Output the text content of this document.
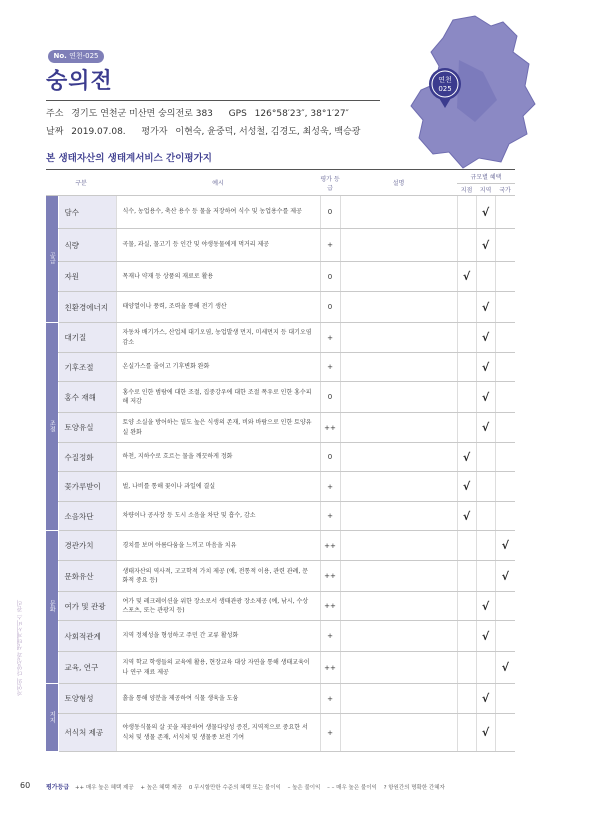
No. 연천-025
숭의전
주소 경기도 연천군 미산면 숭의전로 383 GPS 126°58′23″, 38°1′27″
날짜 2019.07.08. 평가자 이현숙, 윤중덕, 서성철, 김경도, 최성욱, 백승광
연천
025
본 생태자산의 생태계서비스 간이평가지
구분		예시	평가 등급	설명	규모별 혜택		
					지점	지역	국가
공급	담수	식수, 농업용수, 축산 용수 등 물을 저장하여 식수 및 농업용수를 제공	0			√	
	식량	곡물, 과실, 물고기 등 인간 및 야생동물에게 먹거리 제공	+			√	
	자원	목재나 약재 등 상품의 재료로 활용	0		√		
	친환경에너지	태양열이나 풍력, 조력을 통해 전기 생산	0			√	
조절	대기질	자동차 배기가스, 산업체 대기오염, 농업발생 먼지, 미세먼지 등 대기오염 감소	+			√	
	기후조절	온실가스를 줄이고 기후변화 완화	+			√	
	홍수 재해	홍수로 인한 범람에 대한 조절, 집중강우에 대한 조절 폭우로 인한 홍수피해 저감	0			√	
	토양유실	토양 소실을 방어하는 밀도 높은 식생의 존재, 비와 바람으로 인한 토양유실 완화	++			√	
	수질정화	하천, 지하수로 흐르는 물을 깨끗하게 정화	0		√		
	꽃가루받이	벌, 나비를 통해 꽃이나 과일에 결실	+		√		
	소음차단	차량이나 공사장 등 도시 소음을 차단 및 흡수, 감소	+		√		
문화	경관가치	경치를 보며 아름다움을 느끼고 마음을 치유	++				√
	문화유산	생태자산의 역사적, 고고학적 가치 제공 (예, 전통적 이용, 관련 관례, 문화적 중요 등)	++				√
	여가 및 관광	여가 및 레크레이션을 위한 장소로서 생태관광 장소제공 (예, 낚시, 수상스포츠, 또는 관광지 등)	++			√	
	사회적관계	지역 정체성을 형성하고 주민 간 교류 활성화	+			√	
	교육, 연구	지역 학교 학생들의 교육에 활용, 현장교육 대상 자연을 통해 생태교육이나 연구 재료 제공	++				√
지지	토양형성	흙을 통해 양분을 제공하여 식물 생육을 도움	+			√	
	서식처 제공	야생동식물의 살 곳을 제공하여 생물다양성 증진, 지역적으로 중요한 서식처 및 생물 존재, 서식처 및 생물종 보전 기여	+			√	
자연의 다양성과 생태계서비스 관리
60	평가등급 ++ 매우 높은 혜택 제공 + 높은 혜택 제공 0 무시할만한 수준의 혜택 또는 불이익 – 높은 불이익 – – 매우 높은 불이익 ? 항원간의 명확한 간혜자
